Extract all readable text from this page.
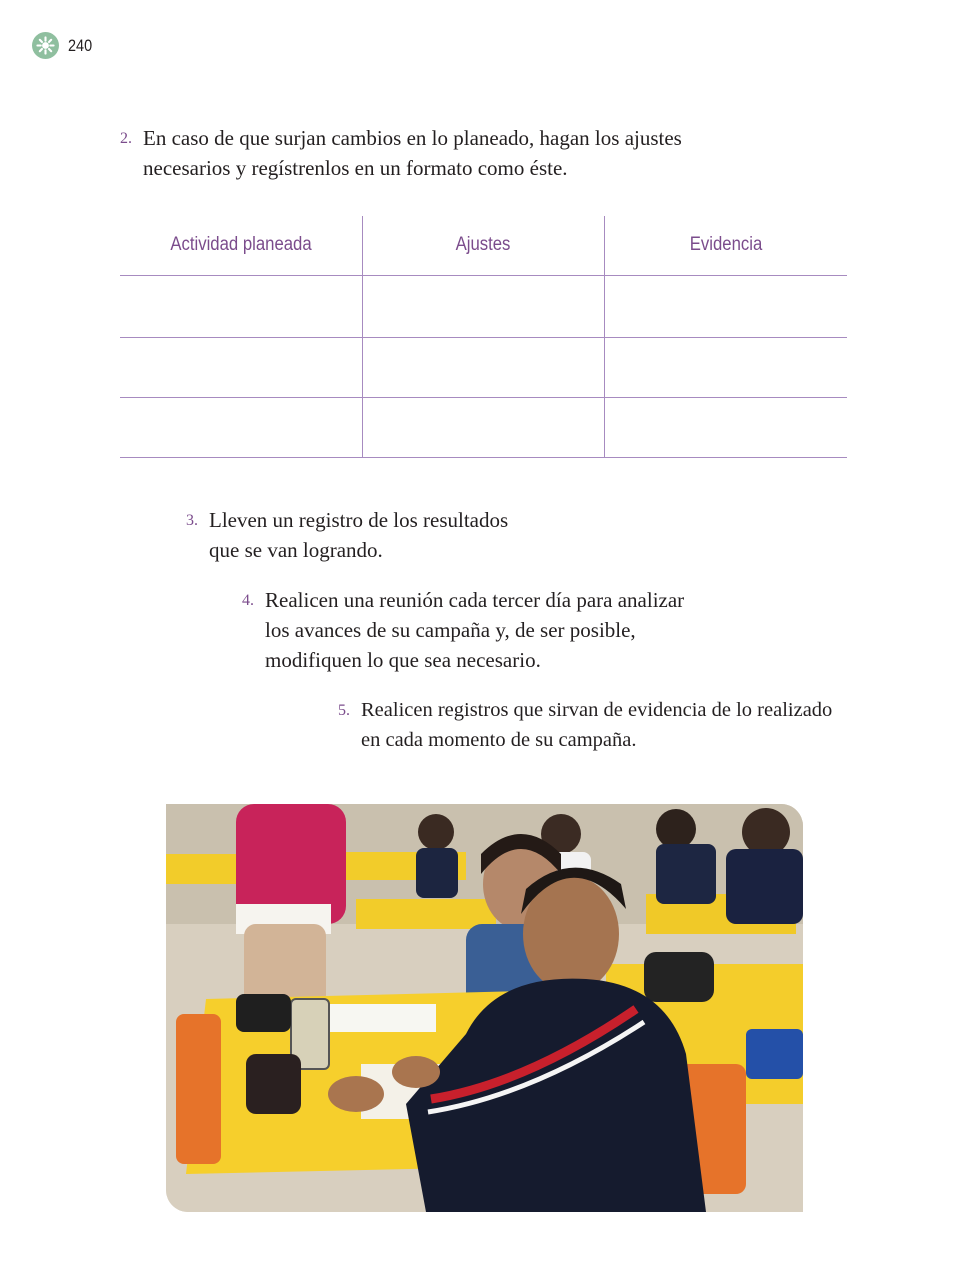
240
2. En caso de que surjan cambios en lo planeado, hagan los ajustes
necesarios y regístrenlos en un formato como éste.
Actividad planeada	Ajustes	Evidencia
3. Lleven un registro de los resultados
que se van logrando.
4. Realicen una reunión cada tercer día para analizar
los avances de su campaña y, de ser posible,
modifiquen lo que sea necesario.
5. Realicen registros que sirvan de evidencia de lo realizado
en cada momento de su campaña.
